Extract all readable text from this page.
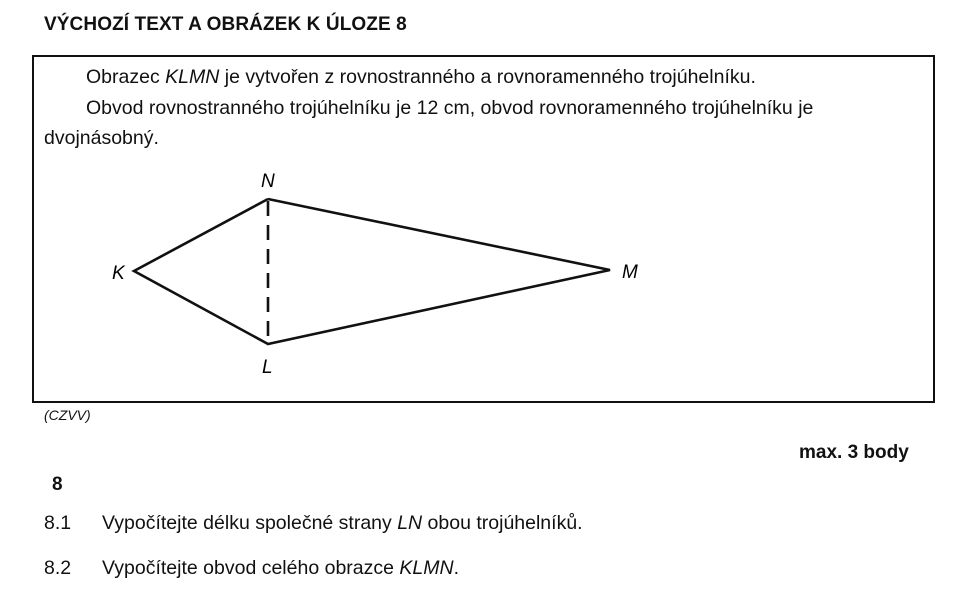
VÝCHOZÍ TEXT A OBRÁZEK K ÚLOZE 8
Obrazec KLMN je vytvořen z rovnostranného a rovnoramenného trojúhelníku.
Obvod rovnostranného trojúhelníku je 12 cm, obvod rovnoramenného trojúhelníku je
dvojnásobný.
N
K	M
L
(CZVV)
max. 3 body
8
8.1 Vypočítejte délku společné strany LN obou trojúhelníků.
8.2 Vypočítejte obvod celého obrazce KLMN.
